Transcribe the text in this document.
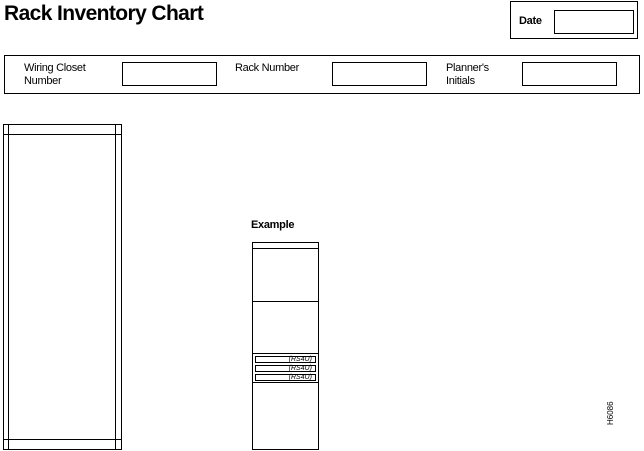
Rack Inventory Chart	Date
Wiring Closet
Number
Rack Number	Planner's
Initials
Example
(RS4U)
(RS4U)
(RS4U)
H6086
